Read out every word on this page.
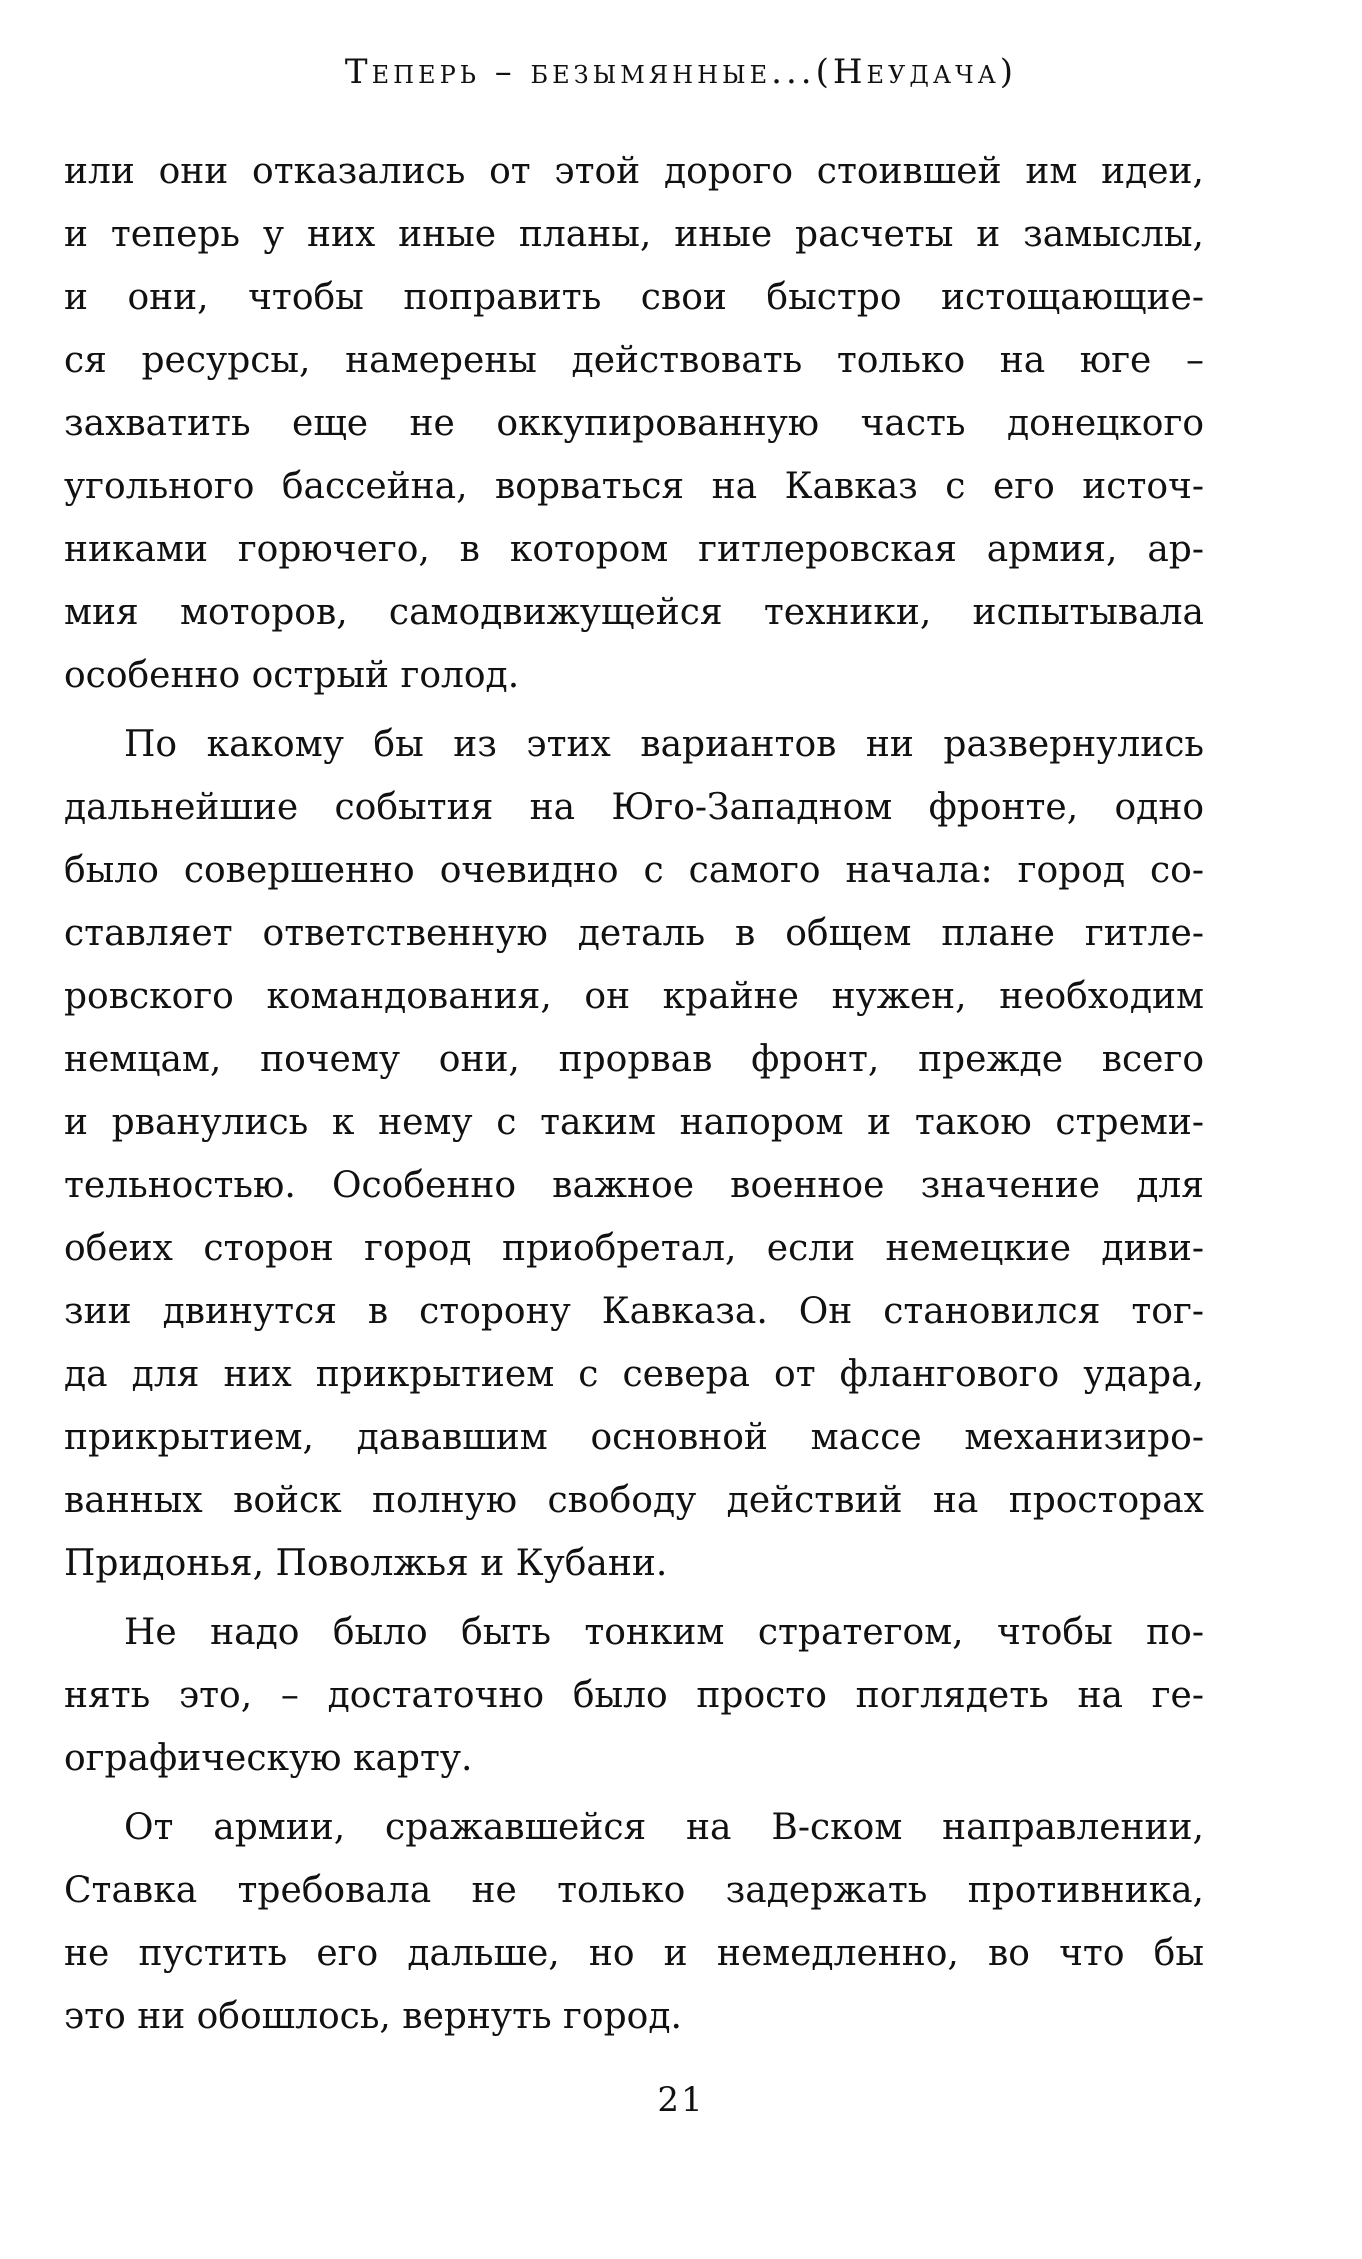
Теперь – безымянные...(Неудача)
или они отказались от этой дорого стоившей им идеи,
и теперь у них иные планы, иные расчеты и замыслы,
и они, чтобы поправить свои быстро истощающие-
ся ресурсы, намерены действовать только на юге –
захватить еще не оккупированную часть донецкого
угольного бассейна, ворваться на Кавказ с его источ-
никами горючего, в котором гитлеровская армия, ар-
мия моторов, самодвижущейся техники, испытывала
особенно острый голод.
По какому бы из этих вариантов ни развернулись
дальнейшие события на Юго-Западном фронте, одно
было совершенно очевидно с самого начала: город со-
ставляет ответственную деталь в общем плане гитле-
ровского командования, он крайне нужен, необходим
немцам, почему они, прорвав фронт, прежде всего
и рванулись к нему с таким напором и такою стреми-
тельностью. Особенно важное военное значение для
обеих сторон город приобретал, если немецкие диви-
зии двинутся в сторону Кавказа. Он становился тог-
да для них прикрытием с севера от флангового удара,
прикрытием, дававшим основной массе механизиро-
ванных войск полную свободу действий на просторах
Придонья, Поволжья и Кубани.
Не надо было быть тонким стратегом, чтобы по-
нять это, – достаточно было просто поглядеть на ге-
ографическую карту.
От армии, сражавшейся на В-ском направлении,
Ставка требовала не только задержать противника,
не пустить его дальше, но и немедленно, во что бы
это ни обошлось, вернуть город.
21
